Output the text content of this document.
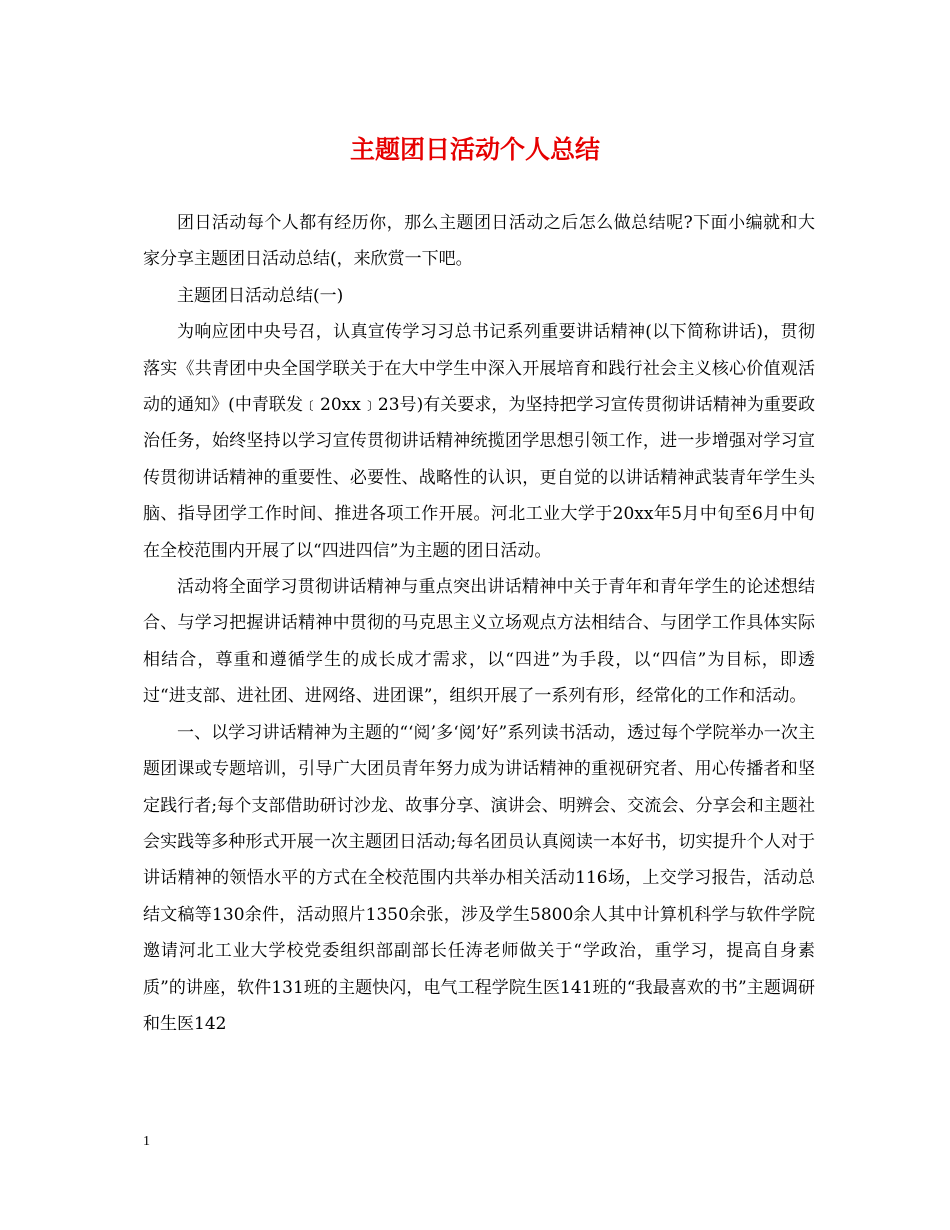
主题团日活动个人总结

团日活动每个人都有经历你，那么主题团日活动之后怎么做总结呢?下面小编就和大家分享主题团日活动总结(，来欣赏一下吧。

主题团日活动总结(一)

为响应团中央号召，认真宣传学习习总书记系列重要讲话精神(以下简称讲话)，贯彻落实《共青团中央全国学联关于在大中学生中深入开展培育和践行社会主义核心价值观活动的通知》(中青联发﹝20xx﹞23号)有关要求，为坚持把学习宣传贯彻讲话精神为重要政治任务，始终坚持以学习宣传贯彻讲话精神统揽团学思想引领工作，进一步增强对学习宣传贯彻讲话精神的重要性、必要性、战略性的认识，更自觉的以讲话精神武装青年学生头脑、指导团学工作时间、推进各项工作开展。河北工业大学于20xx年5月中旬至6月中旬在全校范围内开展了以“四进四信”为主题的团日活动。

活动将全面学习贯彻讲话精神与重点突出讲话精神中关于青年和青年学生的论述想结合、与学习把握讲话精神中贯彻的马克思主义立场观点方法相结合、与团学工作具体实际相结合，尊重和遵循学生的成长成才需求，以“四进”为手段，以“四信”为目标，即透过“进支部、进社团、进网络、进团课”，组织开展了一系列有形，经常化的工作和活动。

一、以学习讲话精神为主题的“‘阅’多‘阅’好”系列读书活动，透过每个学院举办一次主题团课或专题培训，引导广大团员青年努力成为讲话精神的重视研究者、用心传播者和坚定践行者;每个支部借助研讨沙龙、故事分享、演讲会、明辨会、交流会、分享会和主题社会实践等多种形式开展一次主题团日活动;每名团员认真阅读一本好书，切实提升个人对于讲话精神的领悟水平的方式在全校范围内共举办相关活动116场，上交学习报告，活动总结文稿等130余件，活动照片1350余张，涉及学生5800余人其中计算机科学与软件学院邀请河北工业大学校党委组织部副部长任涛老师做关于“学政治，重学习，提高自身素质”的讲座，软件131班的主题快闪，电气工程学院生医141班的“我最喜欢的书”主题调研和生医142

1
